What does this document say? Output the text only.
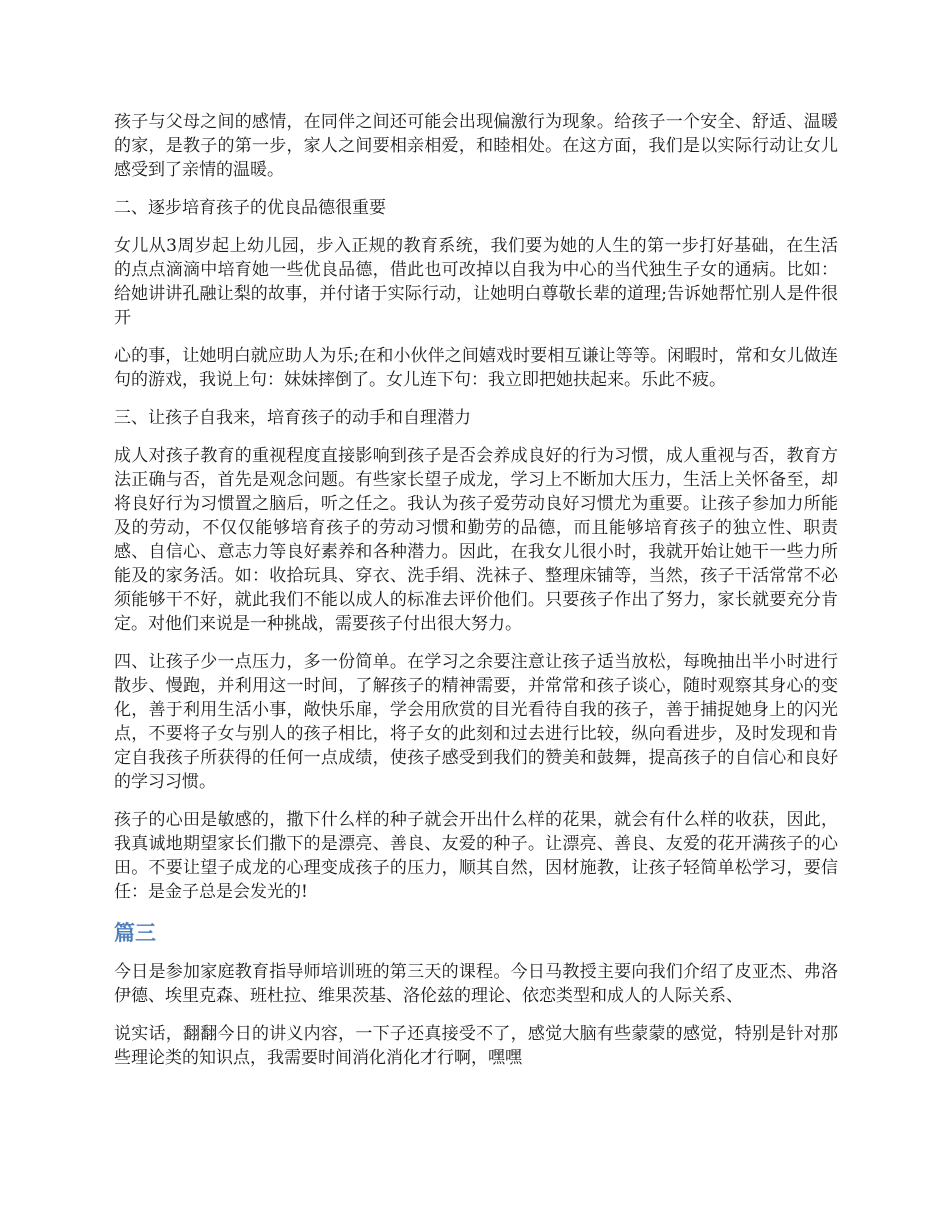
孩子与父母之间的感情，在同伴之间还可能会出现偏激行为现象。给孩子一个安全、舒适、温暖的家，是教子的第一步，家人之间要相亲相爱，和睦相处。在这方面，我们是以实际行动让女儿感受到了亲情的温暖。

二、逐步培育孩子的优良品德很重要

女儿从3周岁起上幼儿园，步入正规的教育系统，我们要为她的人生的第一步打好基础，在生活的点点滴滴中培育她一些优良品德，借此也可改掉以自我为中心的当代独生子女的通病。比如：给她讲讲孔融让梨的故事，并付诸于实际行动，让她明白尊敬长辈的道理;告诉她帮忙别人是件很开

心的事，让她明白就应助人为乐;在和小伙伴之间嬉戏时要相互谦让等等。闲暇时，常和女儿做连句的游戏，我说上句：妹妹摔倒了。女儿连下句：我立即把她扶起来。乐此不疲。

三、让孩子自我来，培育孩子的动手和自理潜力

成人对孩子教育的重视程度直接影响到孩子是否会养成良好的行为习惯，成人重视与否，教育方法正确与否，首先是观念问题。有些家长望子成龙，学习上不断加大压力，生活上关怀备至，却将良好行为习惯置之脑后，听之任之。我认为孩子爱劳动良好习惯尤为重要。让孩子参加力所能及的劳动，不仅仅能够培育孩子的劳动习惯和勤劳的品德，而且能够培育孩子的独立性、职责感、自信心、意志力等良好素养和各种潜力。因此，在我女儿很小时，我就开始让她干一些力所能及的家务活。如：收拾玩具、穿衣、洗手绢、洗袜子、整理床铺等，当然，孩子干活常常不必须能够干不好，就此我们不能以成人的标准去评价他们。只要孩子作出了努力，家长就要充分肯定。对他们来说是一种挑战，需要孩子付出很大努力。

四、让孩子少一点压力，多一份简单。在学习之余要注意让孩子适当放松，每晚抽出半小时进行散步、慢跑，并利用这一时间，了解孩子的精神需要，并常常和孩子谈心，随时观察其身心的变化，善于利用生活小事，敞快乐扉，学会用欣赏的目光看待自我的孩子，善于捕捉她身上的闪光点，不要将子女与别人的孩子相比，将子女的此刻和过去进行比较，纵向看进步，及时发现和肯定自我孩子所获得的任何一点成绩，使孩子感受到我们的赞美和鼓舞，提高孩子的自信心和良好的学习习惯。

孩子的心田是敏感的，撒下什么样的种子就会开出什么样的花果，就会有什么样的收获，因此，我真诚地期望家长们撒下的是漂亮、善良、友爱的种子。让漂亮、善良、友爱的花开满孩子的心田。不要让望子成龙的心理变成孩子的压力，顺其自然，因材施教，让孩子轻简单松学习，要信任：是金子总是会发光的!

篇三

今日是参加家庭教育指导师培训班的第三天的课程。今日马教授主要向我们介绍了皮亚杰、弗洛伊德、埃里克森、班杜拉、维果茨基、洛伦兹的理论、依恋类型和成人的人际关系、

说实话，翻翻今日的讲义内容，一下子还真接受不了，感觉大脑有些蒙蒙的感觉，特别是针对那些理论类的知识点，我需要时间消化消化才行啊，嘿嘿
